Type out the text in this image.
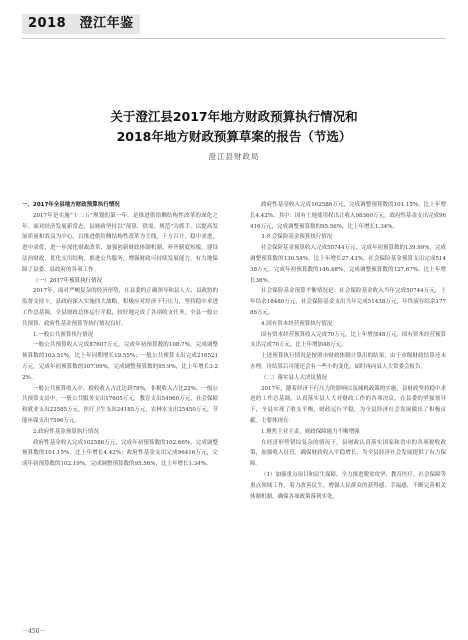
2018　澄江年鉴
关于澄江县2017年地方财政预算执行情况和
2018年地方财政预算草案的报告（节选）
澄江县财政局

一、2017年全县地方财政预算执行情况

2017年是实施“十二五”规划的第一年，是推进供给侧结构性改革的深化之年。面对经济发展新常态，县财政坚持以“预算、供需、规范”为抓手，以提高发展质量和效益为中心，以推进供给侧结构性改革为主线，千方百计，稳中求进，进中求优，进一步深化财政改革，加强创新财政体制机制，补齐制度短板，建设法治财政，优化支出结构，推进公共服务，增强财政可持续发展能力，有力地保障了县委、县政府的各项工作。

（一）2017年预算执行情况

2017年，面对严峻复杂的经济形势，在县委的正确领导和县人大、县政协的监督支持下，县政府深入实施四大战略，积极应对经济下行压力，坚持稳中求进工作总基调，全县财政总体运行平稳，较好地完成了各项收支任务，全县一般公共预算、政府性基金预算等执行情况良好。

1.一般公共预算执行情况

一般公共预算收入完成87607万元，完成年初预算数的108.7%，完成调整预算数的103.51%，比上年同期增长19.55%；一般公共预算支出完成218521万元，完成年初预算数的107.09%，完成调整预算数的95.9%，比上年增长3.22%。

一般公共预算收入中，税收收入占比达到78%，非税收入占比22%。一般公共预算支出中，一般公共服务支出17605万元，教育支出54960万元，社会保障和就业支出22585万元，医疗卫生支出24185万元，农林水支出25450万元，节能环保支出7596万元。

2.政府性基金预算执行情况

政府性基金收入完成102586万元，完成年初预算数的102.66%，完成调整预算数的101.15%，比上年增长4.42%；政府性基金支出完成96416万元，完成年初预算数的102.19%，完成调整预算数的95.56%，比上年增长1.34%。

政府性基金收入完成102586万元，完成调整预算数的101.15%，比上年增长4.42%，其中：国有土地使用权出让收入98360万元。政府性基金支出完成96416万元，完成调整预算数的95.56%，比上年增长1.34%。

3.社会保险基金预算执行情况

社会保险基金预算收入完成50744万元，完成年初预算数的139.99%，完成调整预算数的130.54%，比上年增长27.43%。社会保险基金预算支出完成51438万元，完成年初预算数的146.48%，完成调整预算数的127.67%，比上年增长36%。

社会保险基金预算平衡情况是：社会保险基金收入当年完成50744万元，上年结余18480万元，社会保险基金支出当年完成51438万元，年终滚存结余17786万元。

4.国有资本经营预算执行情况

国有资本经营预算收入完成70万元，比上年增加48万元，国有资本经营预算支出完成70万元，比上年增加48万元。

上述预算执行情况是按照市财政体制计算出的结果，由于市级财政结算还未办理，待结算后可能还会有一些小的变化，届时再向县人大常委会报告。

（二）落实县人大决议情况

2017年，随着经济下行压力的影响以及减税政策的实施，县财政坚持稳中求进的工作总基调，认真落实县人大对财政工作的各项决议，在县委的坚强领导下，全县实现了收支平衡，财政运行平稳，为全县经济社会发展做出了积极贡献。主要体现在：

1.聚焦主业主责，财政保障能力不断增强

在经济形势错综复杂的情况下，县财政认真落实国家和省市的各项税收政策，加强收入征管，确保财政收入平稳增长，为全县经济社会发展提供了有力保障。

（1）加强重点项目和民生保障，全力推进脱贫攻坚、教育医疗、社会保障等重点领域工作，着力改善民生，增强人民群众的获得感、幸福感，不断完善相关体制机制，确保各项政策落到实处。

－450－
